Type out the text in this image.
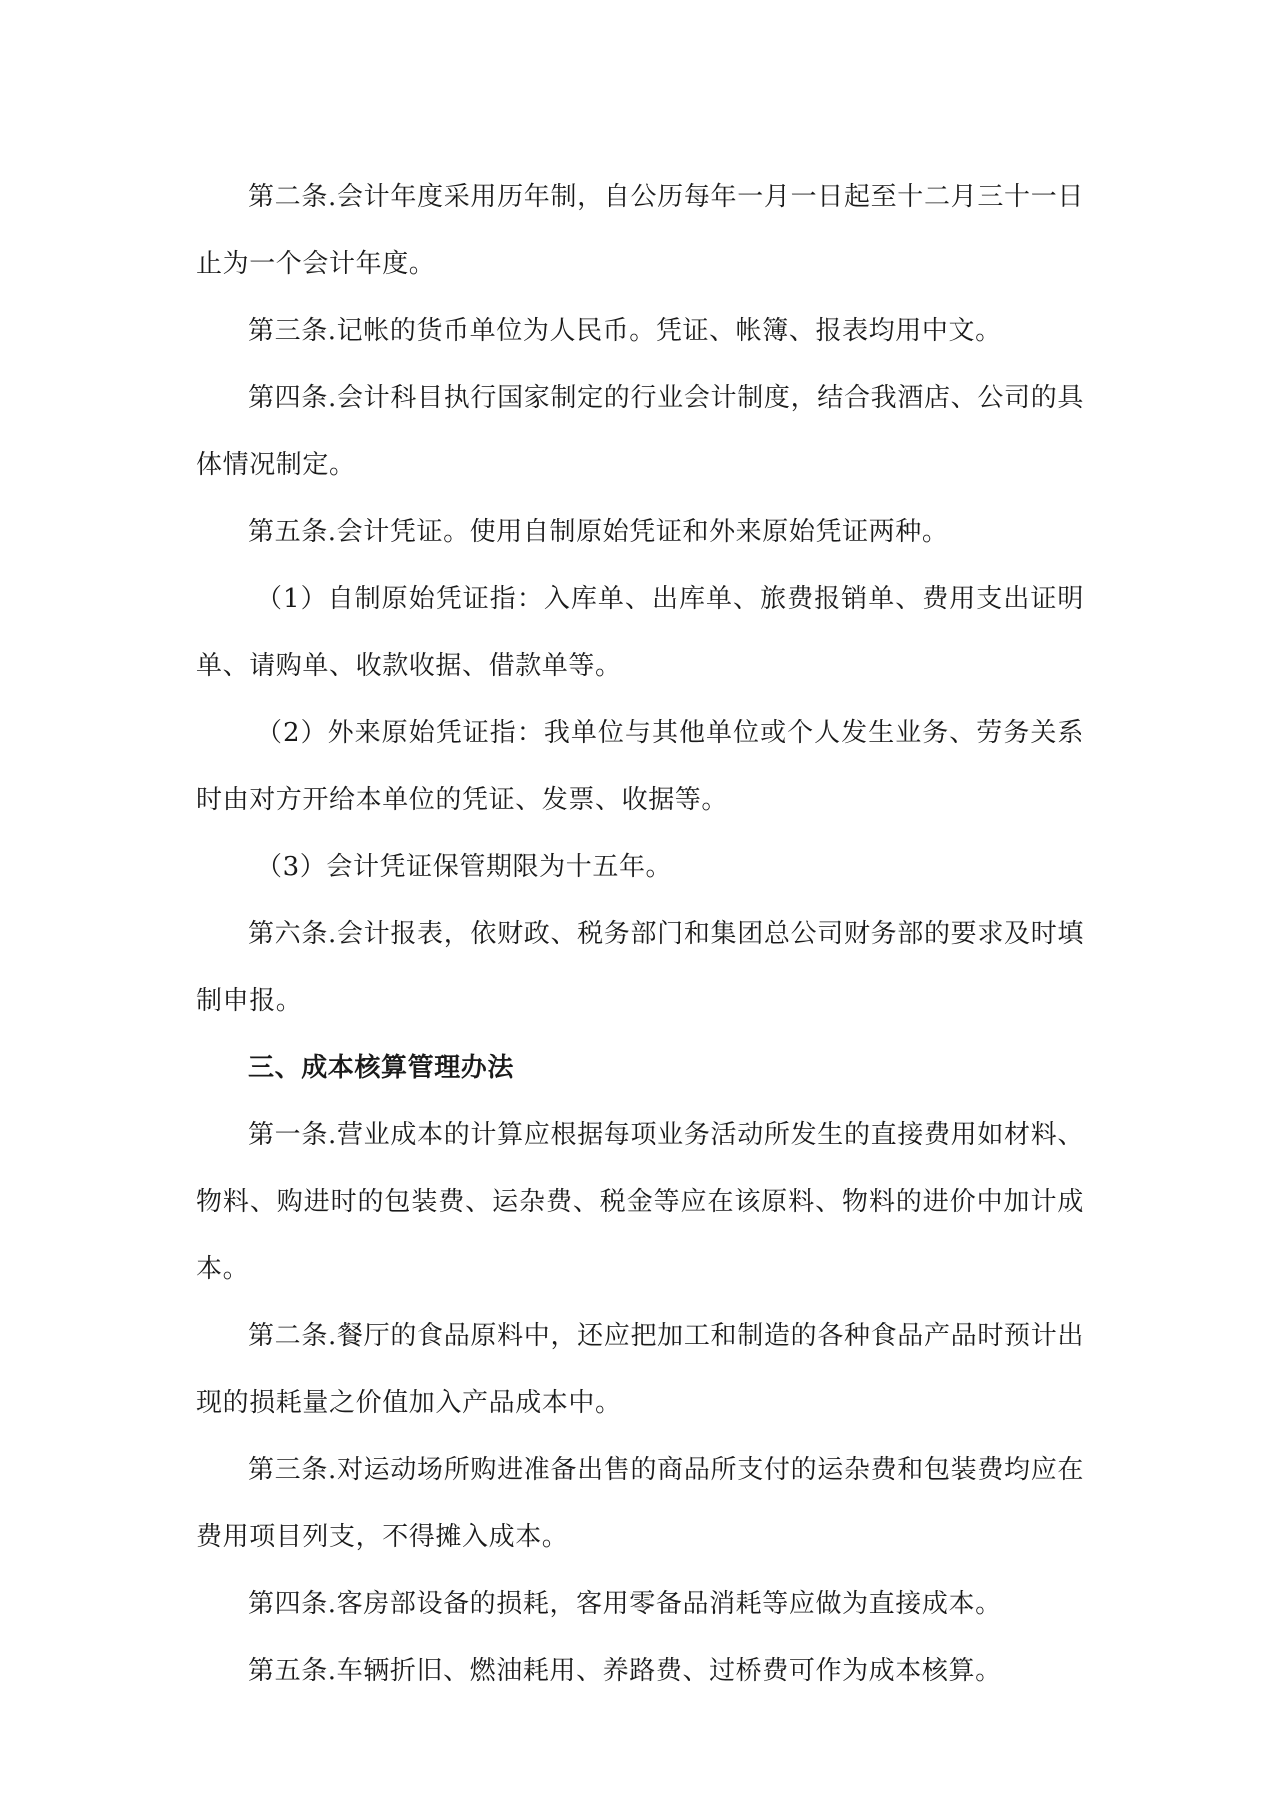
第二条.会计年度采用历年制，自公历每年一月一日起至十二月三十一日止为一个会计年度。

第三条.记帐的货币单位为人民币。凭证、帐簿、报表均用中文。

第四条.会计科目执行国家制定的行业会计制度，结合我酒店、公司的具体情况制定。

第五条.会计凭证。使用自制原始凭证和外来原始凭证两种。

（1）自制原始凭证指：入库单、出库单、旅费报销单、费用支出证明单、请购单、收款收据、借款单等。

（2）外来原始凭证指：我单位与其他单位或个人发生业务、劳务关系时由对方开给本单位的凭证、发票、收据等。

（3）会计凭证保管期限为十五年。

第六条.会计报表，依财政、税务部门和集团总公司财务部的要求及时填制申报。

三、成本核算管理办法

第一条.营业成本的计算应根据每项业务活动所发生的直接费用如材料、物料、购进时的包装费、运杂费、税金等应在该原料、物料的进价中加计成本。

第二条.餐厅的食品原料中，还应把加工和制造的各种食品产品时预计出现的损耗量之价值加入产品成本中。

第三条.对运动场所购进准备出售的商品所支付的运杂费和包装费均应在费用项目列支，不得摊入成本。

第四条.客房部设备的损耗，客用零备品消耗等应做为直接成本。

第五条.车辆折旧、燃油耗用、养路费、过桥费可作为成本核算。
